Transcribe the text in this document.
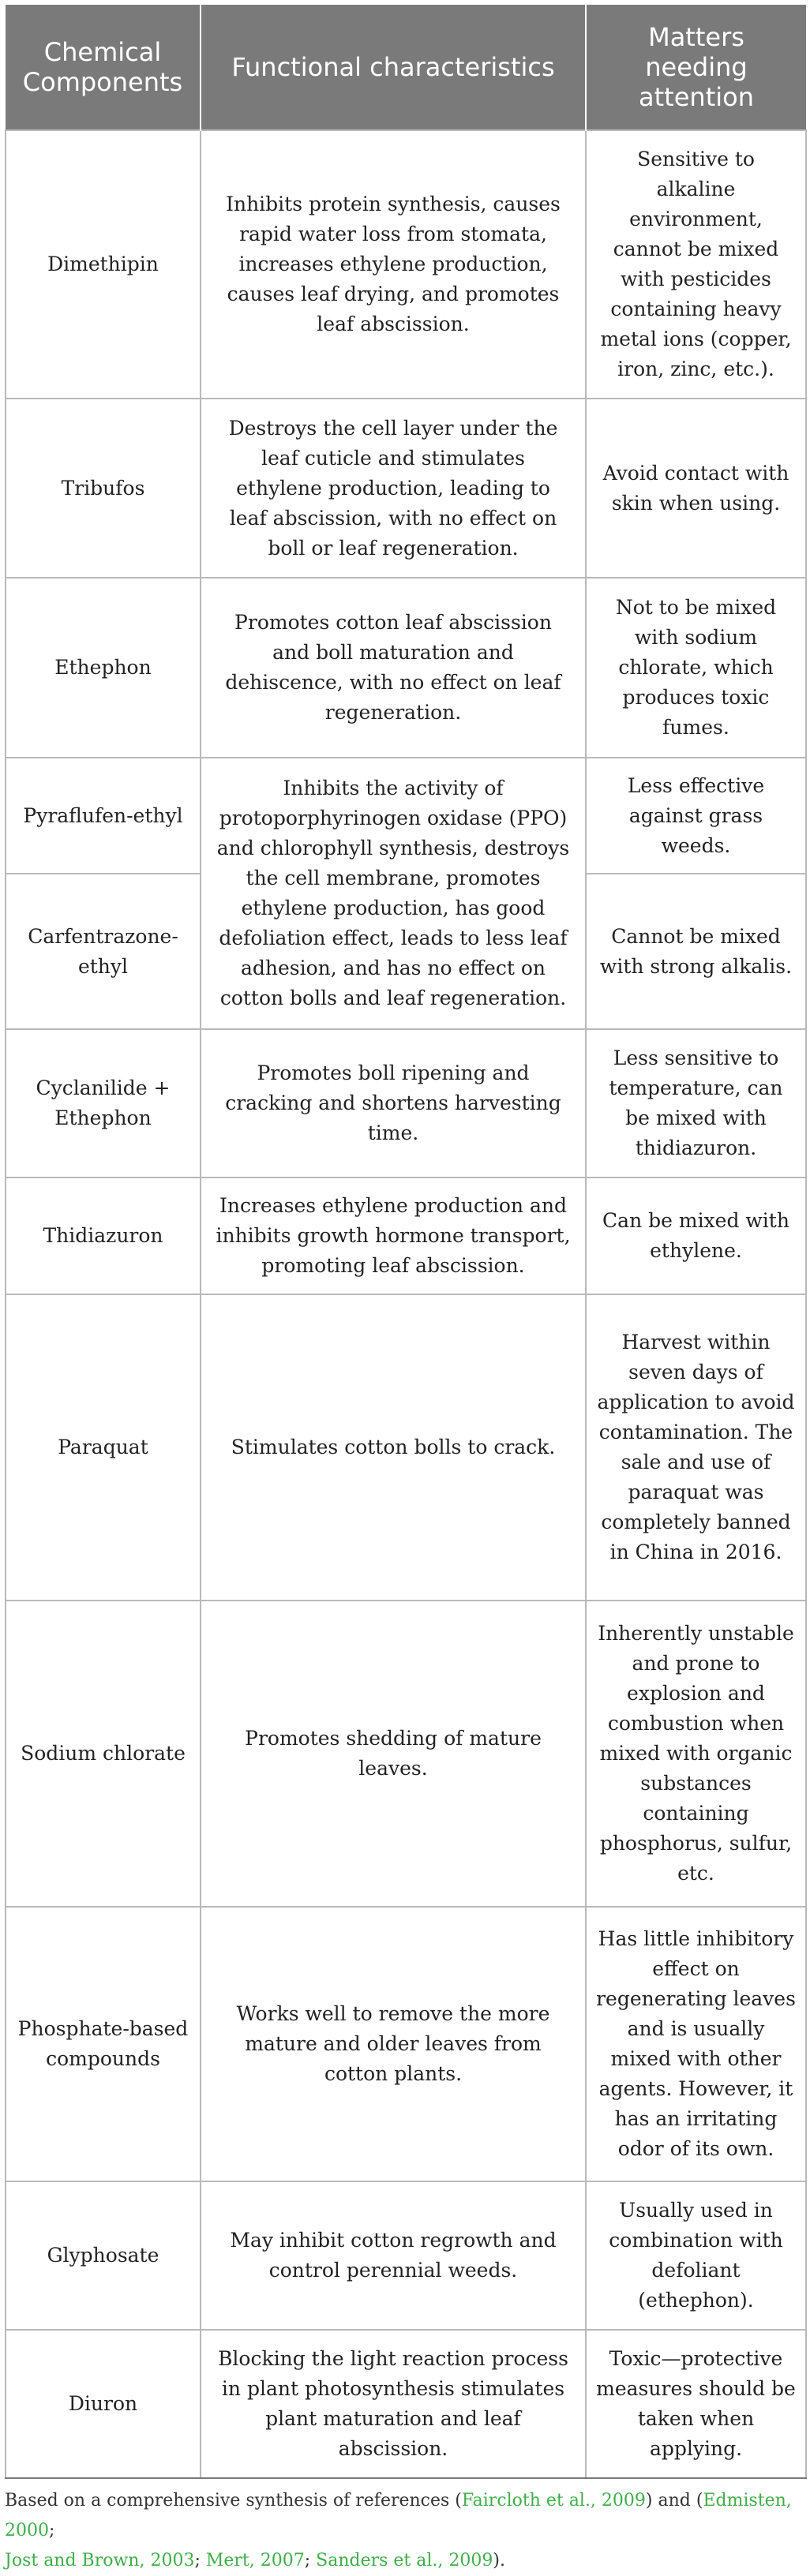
Chemical Components	Functional characteristics	Matters needing attention
Dimethipin	Inhibits protein synthesis, causes rapid water loss from stomata, increases ethylene production, causes leaf drying, and promotes leaf abscission.	Sensitive to alkaline environment, cannot be mixed with pesticides containing heavy metal ions (copper, iron, zinc, etc.).
Tribufos	Destroys the cell layer under the leaf cuticle and stimulates ethylene production, leading to leaf abscission, with no effect on boll or leaf regeneration.	Avoid contact with skin when using.
Ethephon	Promotes cotton leaf abscission and boll maturation and dehiscence, with no effect on leaf regeneration.	Not to be mixed with sodium chlorate, which produces toxic fumes.
Pyraflufen-ethyl	Inhibits the activity of protoporphyrinogen oxidase (PPO) and chlorophyll synthesis, destroys the cell membrane, promotes ethylene production, has good defoliation effect, leads to less leaf adhesion, and has no effect on cotton bolls and leaf regeneration.	Less effective against grass weeds.
Carfentrazone-ethyl		Cannot be mixed with strong alkalis.
Cyclanilide + Ethephon	Promotes boll ripening and cracking and shortens harvesting time.	Less sensitive to temperature, can be mixed with thidiazuron.
Thidiazuron	Increases ethylene production and inhibits growth hormone transport, promoting leaf abscission.	Can be mixed with ethylene.
Paraquat	Stimulates cotton bolls to crack.	Harvest within seven days of application to avoid contamination. The sale and use of paraquat was completely banned in China in 2016.
Sodium chlorate	Promotes shedding of mature leaves.	Inherently unstable and prone to explosion and combustion when mixed with organic substances containing phosphorus, sulfur, etc.
Phosphate-based compounds	Works well to remove the more mature and older leaves from cotton plants.	Has little inhibitory effect on regenerating leaves and is usually mixed with other agents. However, it has an irritating odor of its own.
Glyphosate	May inhibit cotton regrowth and control perennial weeds.	Usually used in combination with defoliant (ethephon).
Diuron	Blocking the light reaction process in plant photosynthesis stimulates plant maturation and leaf abscission.	Toxic—protective measures should be taken when applying.
Based on a comprehensive synthesis of references (Faircloth et al., 2009) and (Edmisten, 2000;
Jost and Brown, 2003; Mert, 2007; Sanders et al., 2009).
